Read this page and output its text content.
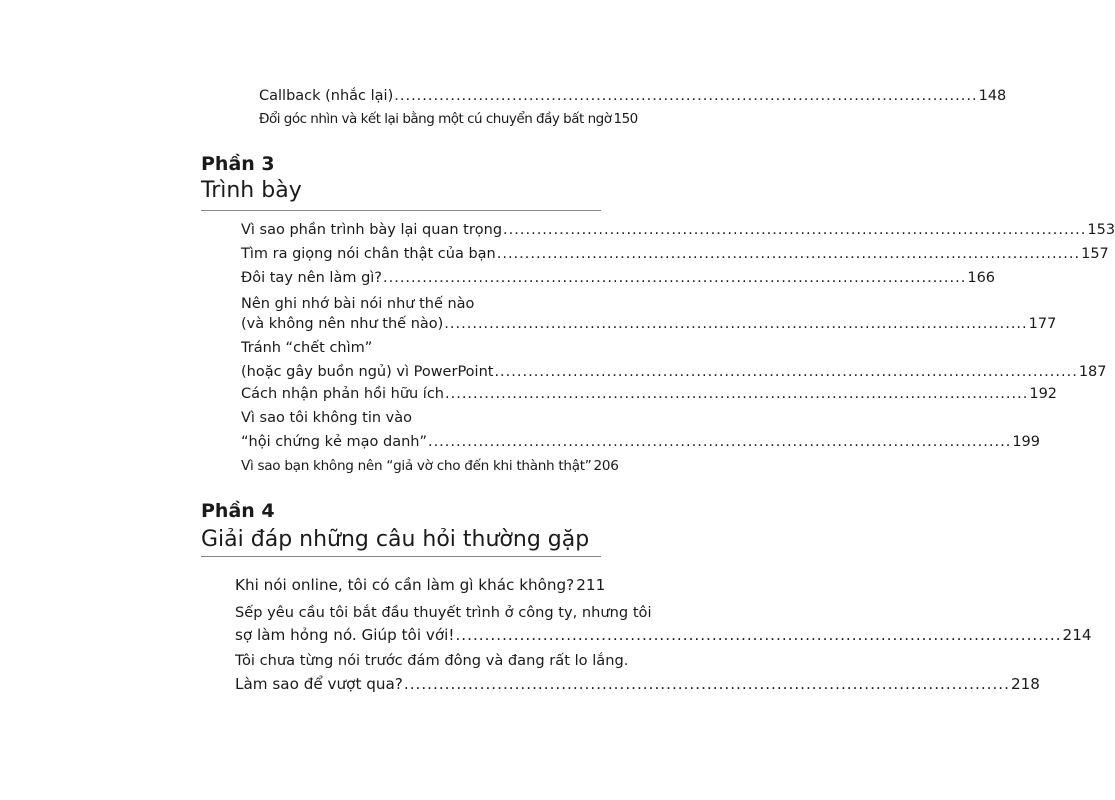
Callback (nhắc lại) ........................................................................................................ 148
Đổi góc nhìn và kết lại bằng một cú chuyển đầy bất ngờ 150
Phần 3
Trình bày
Vì sao phần trình bày lại quan trọng ........................................................................................................ 153
Tìm ra giọng nói chân thật của bạn ........................................................................................................ 157
Đôi tay nên làm gì? ........................................................................................................ 166
Nên ghi nhớ bài nói như thế nào
(và không nên như thế nào) ........................................................................................................ 177
Tránh “chết chìm”
(hoặc gây buồn ngủ) vì PowerPoint ........................................................................................................ 187
Cách nhận phản hồi hữu ích ........................................................................................................ 192
Vì sao tôi không tin vào
“hội chứng kẻ mạo danh” ........................................................................................................ 199
Vì sao bạn không nên “giả vờ cho đến khi thành thật” 206
Phần 4
Giải đáp những câu hỏi thường gặp
Khi nói online, tôi có cần làm gì khác không? 211
Sếp yêu cầu tôi bắt đầu thuyết trình ở công ty, nhưng tôi
sợ làm hỏng nó. Giúp tôi với! ........................................................................................................ 214
Tôi chưa từng nói trước đám đông và đang rất lo lắng.
Làm sao để vượt qua? ........................................................................................................ 218
